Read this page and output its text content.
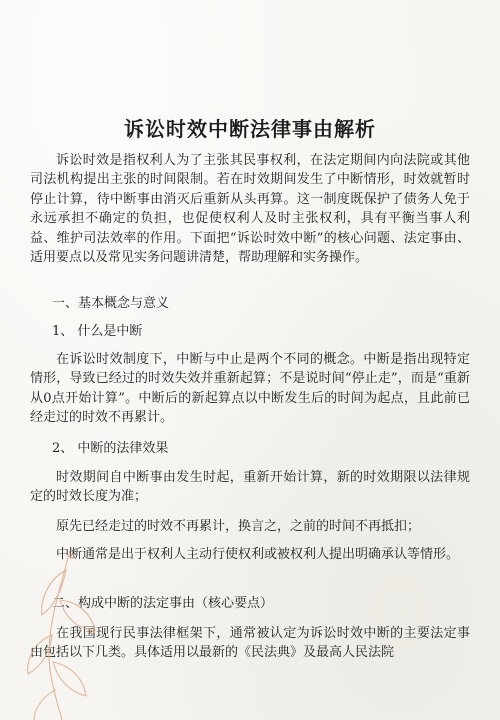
诉讼时效中断法律事由解析

诉讼时效是指权利人为了主张其民事权利，在法定期间内向法院或其他司法机构提出主张的时间限制。若在时效期间发生了中断情形，时效就暂时停止计算，待中断事由消灭后重新从头再算。这一制度既保护了债务人免于永远承担不确定的负担，也促使权利人及时主张权利，具有平衡当事人利益、维护司法效率的作用。下面把“诉讼时效中断”的核心问题、法定事由、适用要点以及常见实务问题讲清楚，帮助理解和实务操作。

一、基本概念与意义
1、 什么是中断

在诉讼时效制度下，中断与中止是两个不同的概念。中断是指出现特定情形，导致已经过的时效失效并重新起算；不是说时间“停止走”，而是“重新从0点开始计算”。中断后的新起算点以中断发生后的时间为起点，且此前已经走过的时效不再累计。

2、 中断的法律效果

时效期间自中断事由发生时起，重新开始计算，新的时效期限以法律规定的时效长度为准；

原先已经走过的时效不再累计，换言之，之前的时间不再抵扣；

中断通常是出于权利人主动行使权利或被权利人提出明确承认等情形。

二、构成中断的法定事由（核心要点）

在我国现行民事法律框架下，通常被认定为诉讼时效中断的主要法定事由包括以下几类。具体适用以最新的《民法典》及最高人民法院
